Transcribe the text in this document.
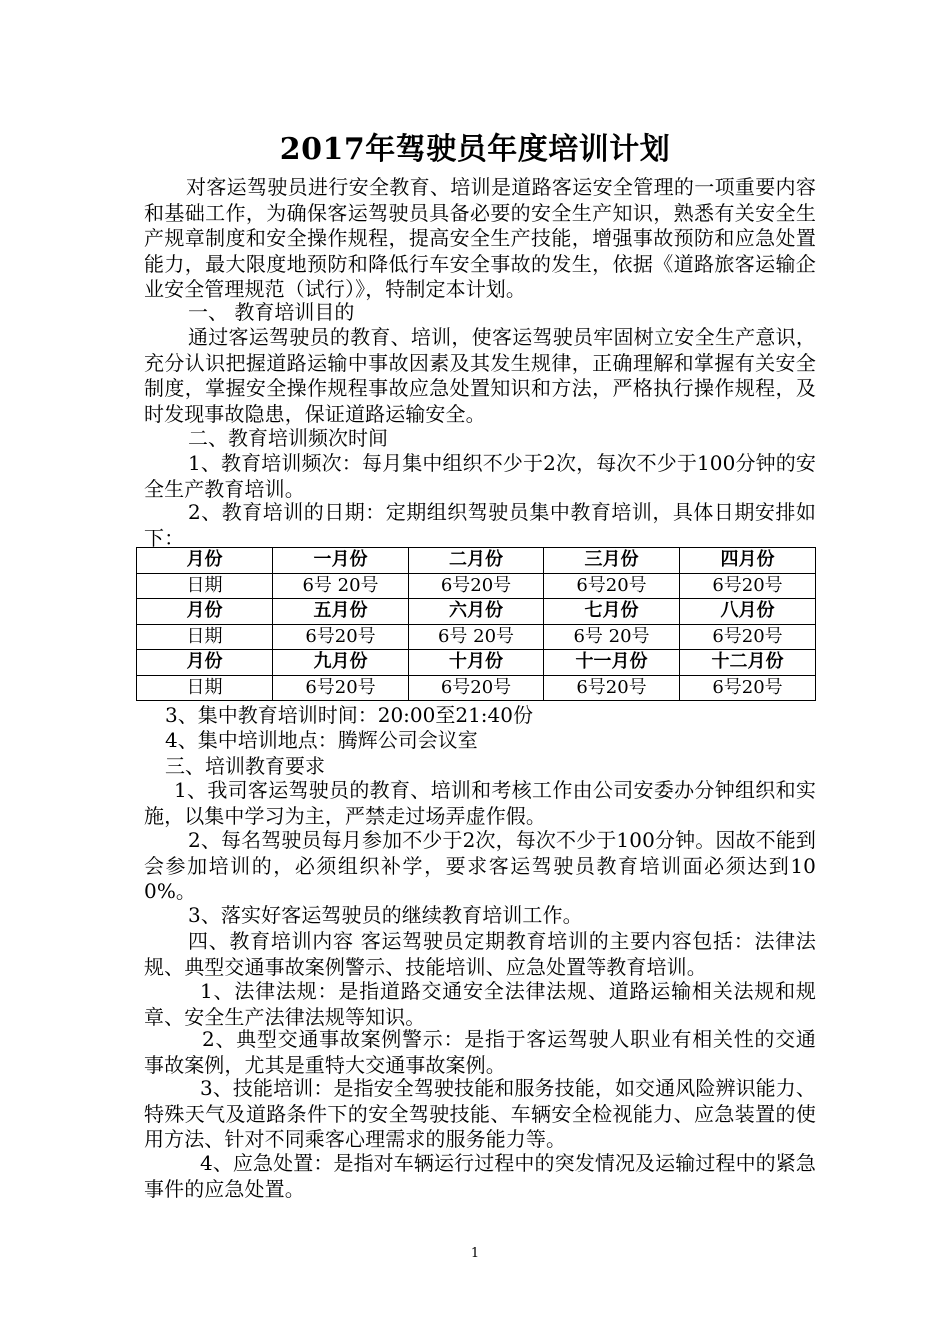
2017年驾驶员年度培训计划
对客运驾驶员进行安全教育、培训是道路客运安全管理的一项重要内容和基础工作，为确保客运驾驶员具备必要的安全生产知识，熟悉有关安全生产规章制度和安全操作规程，提高安全生产技能，增强事故预防和应急处置能力，最大限度地预防和降低行车安全事故的发生，依据《道路旅客运输企业安全管理规范（试行）》，特制定本计划。
一、 教育培训目的
通过客运驾驶员的教育、培训，使客运驾驶员牢固树立安全生产意识，充分认识把握道路运输中事故因素及其发生规律，正确理解和掌握有关安全制度，掌握安全操作规程事故应急处置知识和方法，严格执行操作规程，及时发现事故隐患，保证道路运输安全。
二、教育培训频次时间
1、教育培训频次：每月集中组织不少于2次，每次不少于100分钟的安全生产教育培训。
2、教育培训的日期：定期组织驾驶员集中教育培训，具体日期安排如下：
月份	一月份	二月份	三月份	四月份
日期	6号 20号	6号20号	6号20号	6号20号
月份	五月份	六月份	七月份	八月份
日期	6号20号	6号 20号	6号 20号	6号20号
月份	九月份	十月份	十一月份	十二月份
日期	6号20号	6号20号	6号20号	6号20号
3、集中教育培训时间：20:00至21:40份
4、集中培训地点：腾辉公司会议室
三、培训教育要求
1、我司客运驾驶员的教育、培训和考核工作由公司安委办分钟组织和实施，以集中学习为主，严禁走过场弄虚作假。
2、每名驾驶员每月参加不少于2次，每次不少于100分钟。因故不能到会参加培训的，必须组织补学，要求客运驾驶员教育培训面必须达到100%。
3、落实好客运驾驶员的继续教育培训工作。
四、教育培训内容 客运驾驶员定期教育培训的主要内容包括：法律法规、典型交通事故案例警示、技能培训、应急处置等教育培训。
1、法律法规：是指道路交通安全法律法规、道路运输相关法规和规章、安全生产法律法规等知识。
2、典型交通事故案例警示：是指于客运驾驶人职业有相关性的交通事故案例，尤其是重特大交通事故案例。
3、技能培训：是指安全驾驶技能和服务技能，如交通风险辨识能力、特殊天气及道路条件下的安全驾驶技能、车辆安全检视能力、应急装置的使用方法、针对不同乘客心理需求的服务能力等。
4、应急处置：是指对车辆运行过程中的突发情况及运输过程中的紧急事件的应急处置。
1
